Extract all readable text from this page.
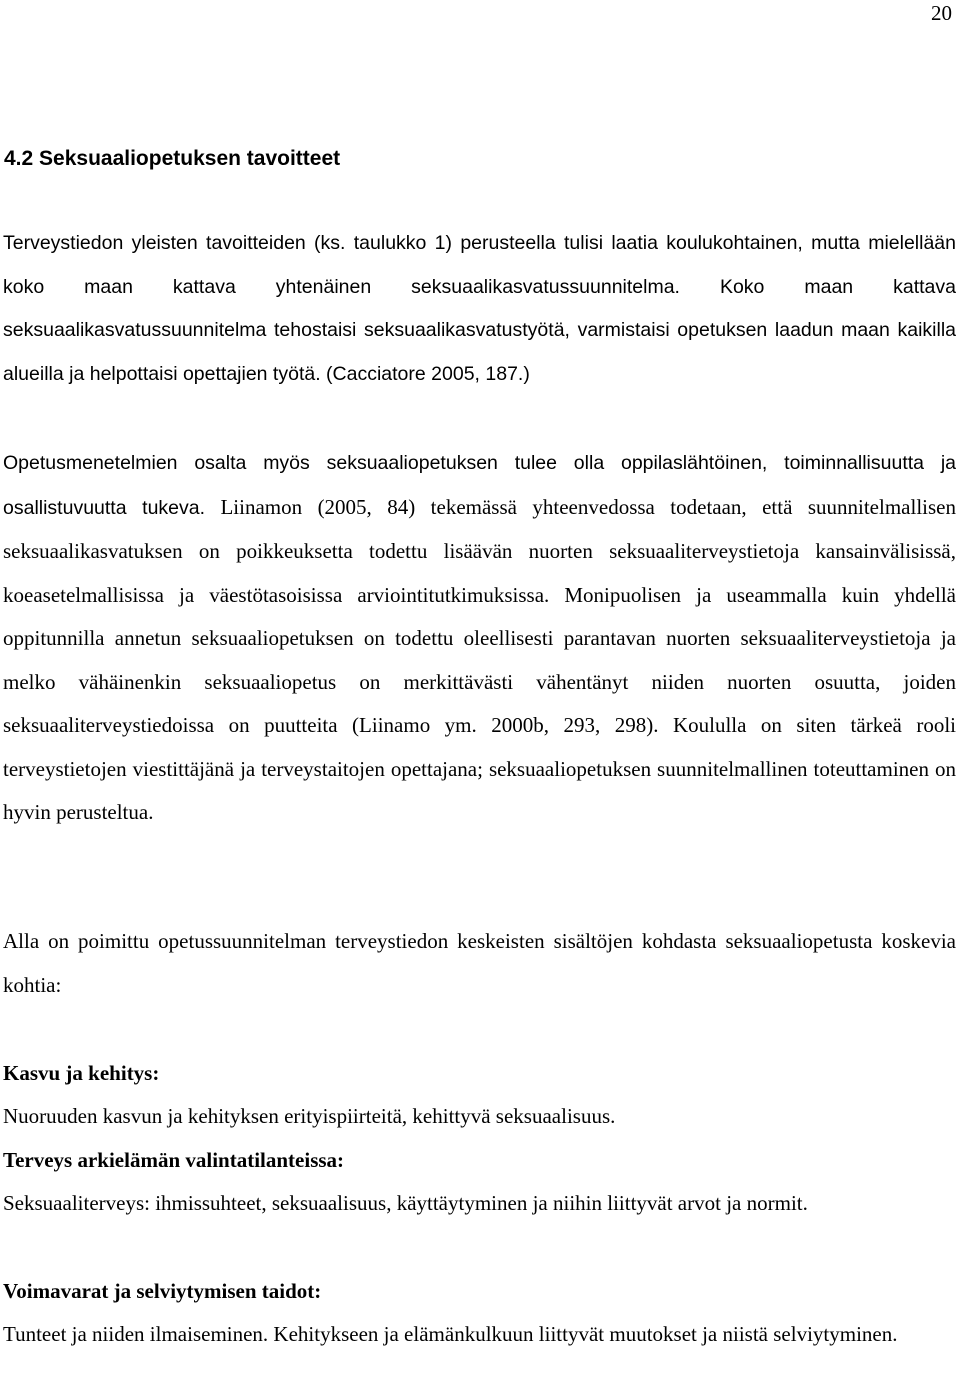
20
4.2 Seksuaaliopetuksen tavoitteet

Terveystiedon yleisten tavoitteiden (ks. taulukko 1) perusteella tulisi laatia koulukohtainen, mutta mielellään koko maan kattava yhtenäinen seksuaalikasvatussuunnitelma. Koko maan kattava seksuaalikasvatussuunnitelma tehostaisi seksuaalikasvatustyötä, varmistaisi opetuksen laadun maan kaikilla alueilla ja helpottaisi opettajien työtä. (Cacciatore 2005, 187.)

Opetusmenetelmien osalta myös seksuaaliopetuksen tulee olla oppilaslähtöinen, toiminnallisuutta ja osallistuvuutta tukeva. Liinamon (2005, 84) tekemässä yhteenvedossa todetaan, että suunnitelmallisen seksuaalikasvatuksen on poikkeuksetta todettu lisäävän nuorten seksuaaliterveystietoja kansainvälisissä, koeasetelmallisissa ja väestötasoisissa arviointitutkimuksissa. Monipuolisen ja useammalla kuin yhdellä oppitunnilla annetun seksuaaliopetuksen on todettu oleellisesti parantavan nuorten seksuaaliterveystietoja ja melko vähäinenkin seksuaaliopetus on merkittävästi vähentänyt niiden nuorten osuutta, joiden seksuaaliterveystiedoissa on puutteita (Liinamo ym. 2000b, 293, 298). Koululla on siten tärkeä rooli terveystietojen viestittäjänä ja terveystaitojen opettajana; seksuaaliopetuksen suunnitelmallinen toteuttaminen on hyvin perusteltua.

Alla on poimittu opetussuunnitelman terveystiedon keskeisten sisältöjen kohdasta seksuaaliopetusta koskevia kohtia:

Kasvu ja kehitys:

Nuoruuden kasvun ja kehityksen erityispiirteitä, kehittyvä seksuaalisuus.

Terveys arkielämän valintatilanteissa:

Seksuaaliterveys: ihmissuhteet, seksuaalisuus, käyttäytyminen ja niihin liittyvät arvot ja normit.

Voimavarat ja selviytymisen taidot:

Tunteet ja niiden ilmaiseminen. Kehitykseen ja elämänkulkuun liittyvät muutokset ja niistä selviytyminen.
